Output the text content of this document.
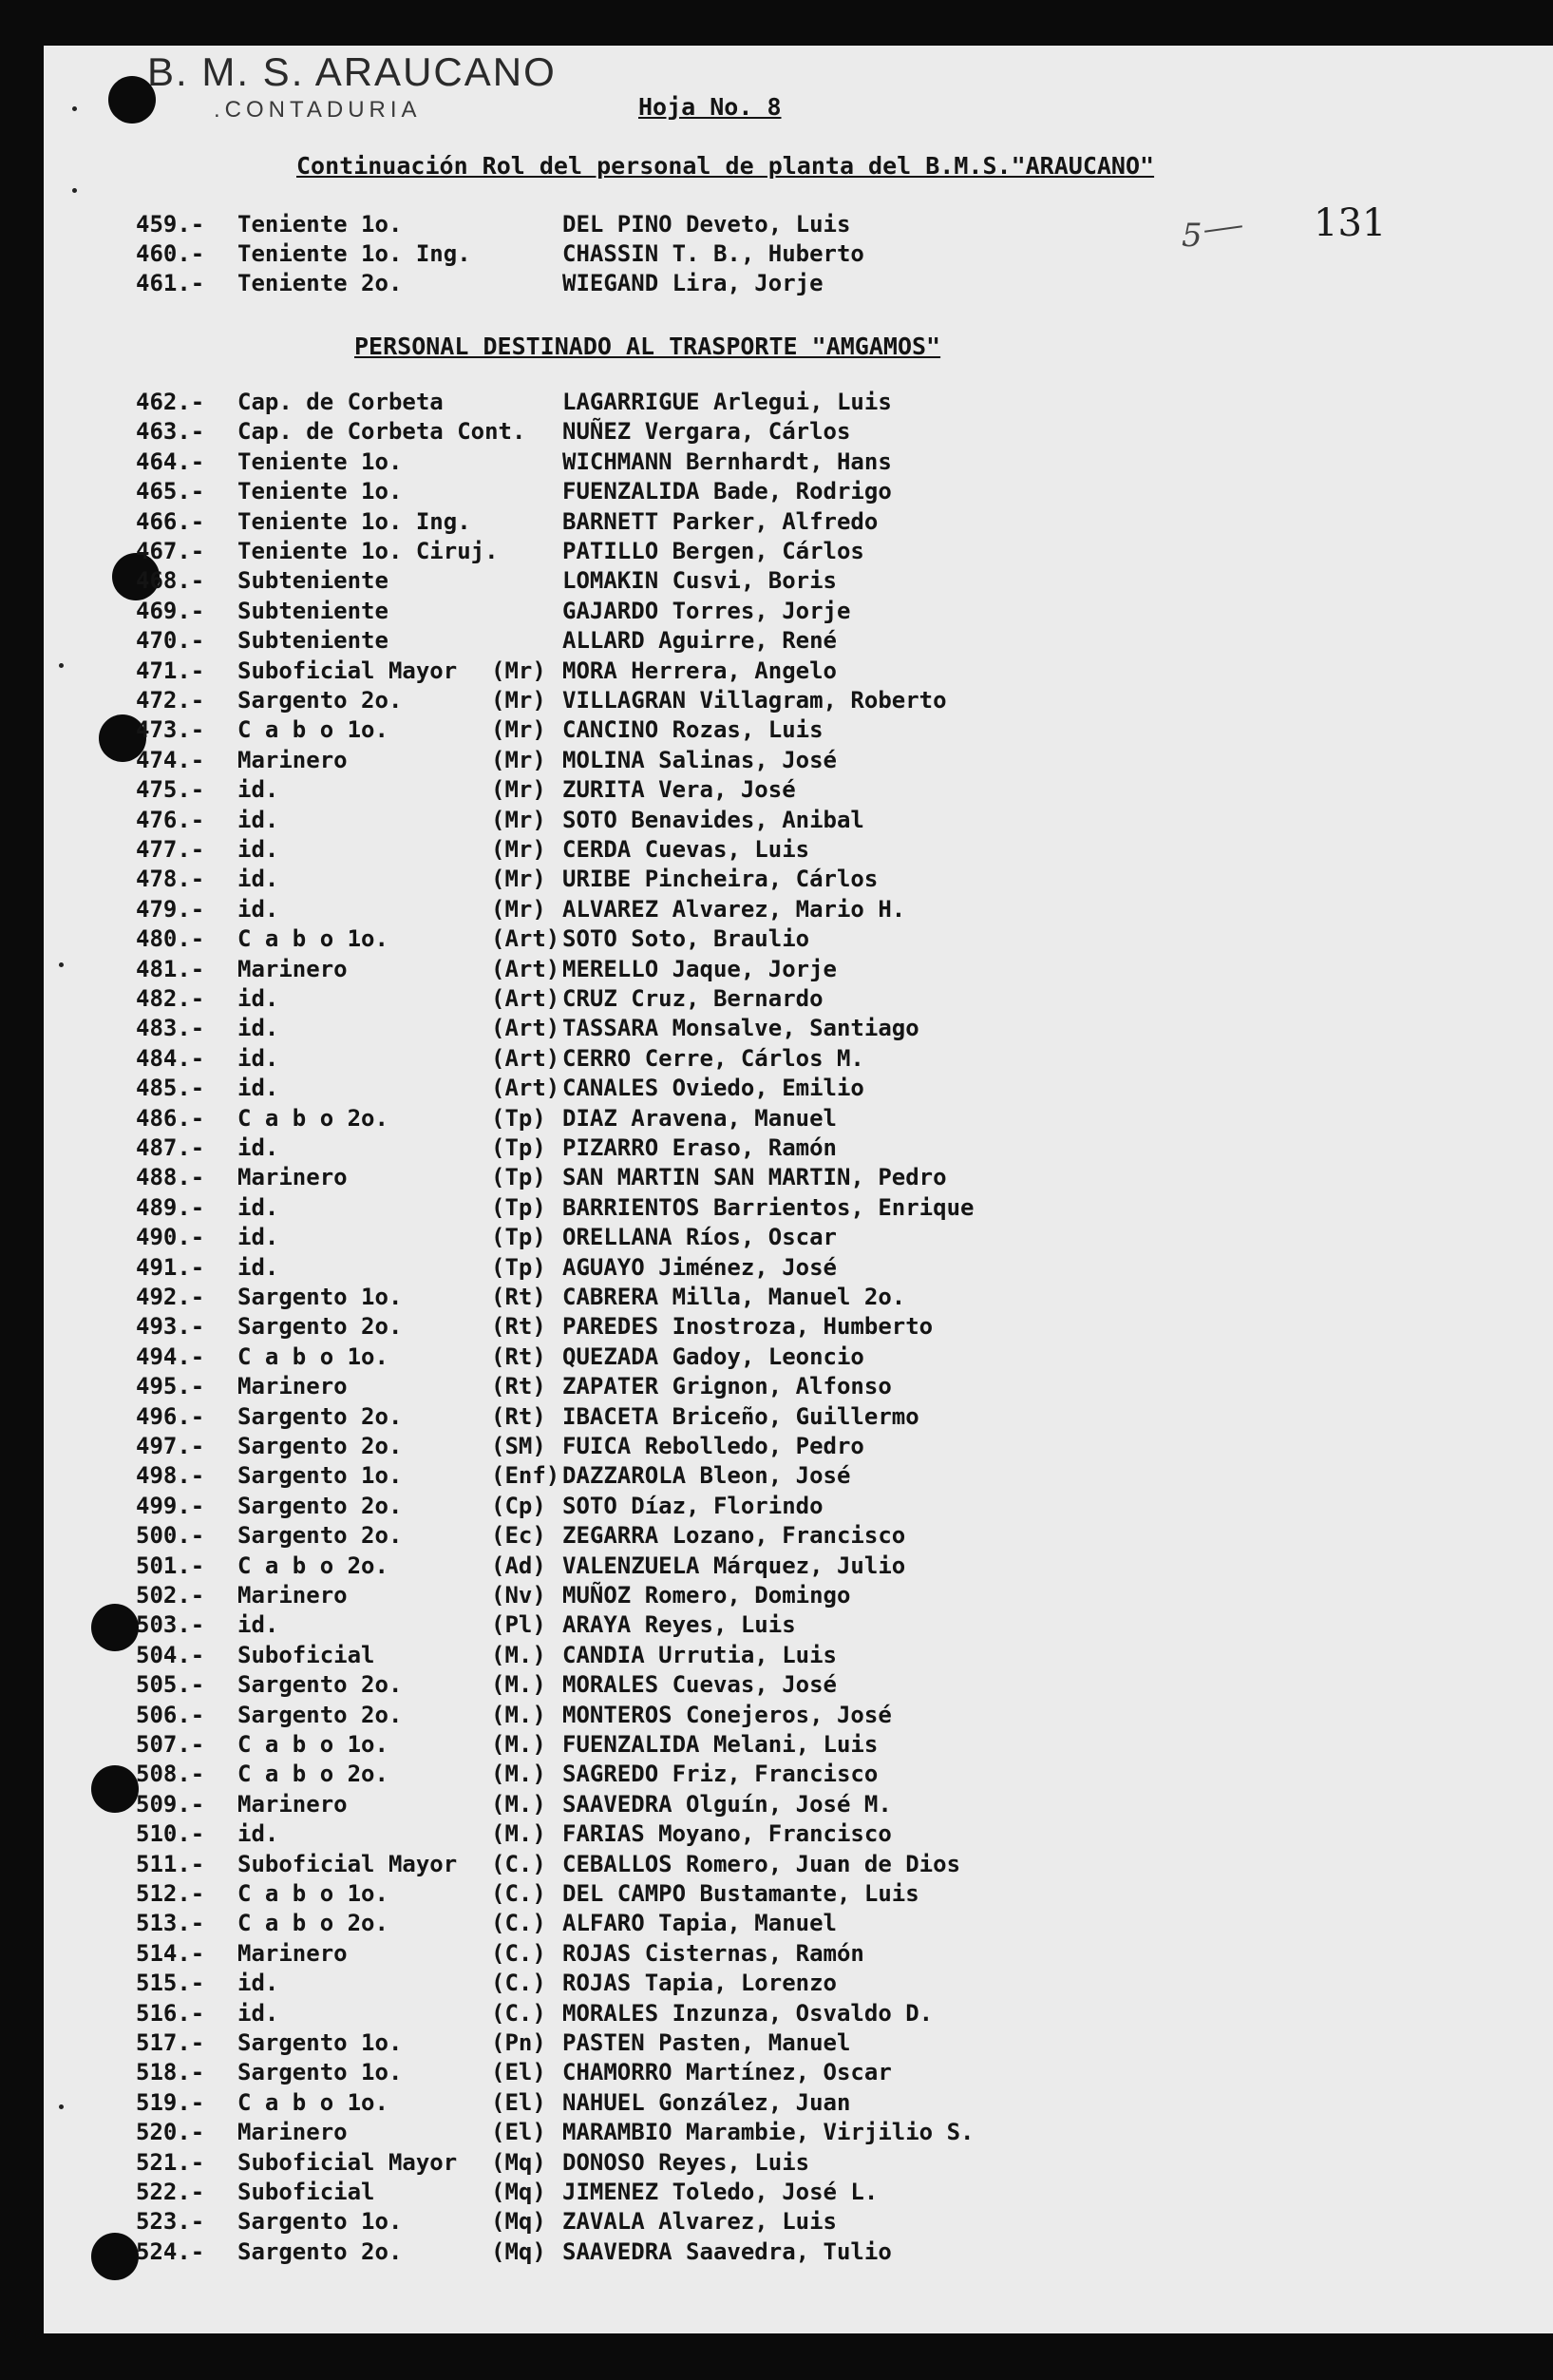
B. M. S. ARAUCANO
.CONTADURIA	Hoja No. 8
Continuación Rol del personal de planta del B.M.S."ARAUCANO"
5	131
459.- Teniente 1o.	DEL PINO Deveto, Luis
460.- Teniente 1o. Ing.	CHASSIN T. B., Huberto
461.- Teniente 2o.	WIEGAND Lira, Jorje
PERSONAL DESTINADO AL TRASPORTE "AMGAMOS"
462.- Cap. de Corbeta	LAGARRIGUE Arlegui, Luis
463.- Cap. de Corbeta Cont. NUÑEZ Vergara, Cárlos
464.- Teniente 1o.	WICHMANN Bernhardt, Hans
465.- Teniente 1o.	FUENZALIDA Bade, Rodrigo
466.- Teniente 1o. Ing.	BARNETT Parker, Alfredo
467.- Teniente 1o. Ciruj.	PATILLO Bergen, Cárlos
468.- Subteniente	LOMAKIN Cusvi, Boris
469.- Subteniente	GAJARDO Torres, Jorje
470.- Subteniente	ALLARD Aguirre, René
471.- Suboficial Mayor (Mr) MORA Herrera, Angelo
472.- Sargento 2o.	(Mr) VILLAGRAN Villagram, Roberto
473.- C a b o 1o.	(Mr) CANCINO Rozas, Luis
474.- Marinero	(Mr) MOLINA Salinas, José
475.- id.	(Mr) ZURITA Vera, José
476.- id.	(Mr) SOTO Benavides, Anibal
477.- id.	(Mr) CERDA Cuevas, Luis
478.- id.	(Mr) URIBE Pincheira, Cárlos
479.- id.	(Mr) ALVAREZ Alvarez, Mario H.
480.- C a b o 1o.	(Art) SOTO Soto, Braulio
481.- Marinero	(Art) MERELLO Jaque, Jorje
482.- id.	(Art) CRUZ Cruz, Bernardo
483.- id.	(Art) TASSARA Monsalve, Santiago
484.- id.	(Art) CERRO Cerre, Cárlos M.
485.- id.	(Art) CANALES Oviedo, Emilio
486.- C a b o 2o.	(Tp) DIAZ Aravena, Manuel
487.- id.	(Tp) PIZARRO Eraso, Ramón
488.- Marinero	(Tp) SAN MARTIN SAN MARTIN, Pedro
489.- id.	(Tp) BARRIENTOS Barrientos, Enrique
490.- id.	(Tp) ORELLANA Ríos, Oscar
491.- id.	(Tp) AGUAYO Jiménez, José
492.- Sargento 1o.	(Rt) CABRERA Milla, Manuel 2o.
493.- Sargento 2o.	(Rt) PAREDES Inostroza, Humberto
494.- C a b o 1o.	(Rt) QUEZADA Gadoy, Leoncio
495.- Marinero	(Rt) ZAPATER Grignon, Alfonso
496.- Sargento 2o.	(Rt) IBACETA Briceño, Guillermo
497.- Sargento 2o.	(SM) FUICA Rebolledo, Pedro
498.- Sargento 1o.	(Enf) DAZZAROLA Bleon, José
499.- Sargento 2o.	(Cp) SOTO Díaz, Florindo
500.- Sargento 2o.	(Ec) ZEGARRA Lozano, Francisco
501.- C a b o 2o.	(Ad) VALENZUELA Márquez, Julio
502.- Marinero	(Nv) MUÑOZ Romero, Domingo
503.- id.	(Pl) ARAYA Reyes, Luis
504.- Suboficial	(M.) CANDIA Urrutia, Luis
505.- Sargento 2o.	(M.) MORALES Cuevas, José
506.- Sargento 2o.	(M.) MONTEROS Conejeros, José
507.- C a b o 1o.	(M.) FUENZALIDA Melani, Luis
508.- C a b o 2o.	(M.) SAGREDO Friz, Francisco
509.- Marinero	(M.) SAAVEDRA Olguín, José M.
510.- id.	(M.) FARIAS Moyano, Francisco
511.- Suboficial Mayor (C.) CEBALLOS Romero, Juan de Dios
512.- C a b o 1o.	(C.) DEL CAMPO Bustamante, Luis
513.- C a b o 2o.	(C.) ALFARO Tapia, Manuel
514.- Marinero	(C.) ROJAS Cisternas, Ramón
515.- id.	(C.) ROJAS Tapia, Lorenzo
516.- id.	(C.) MORALES Inzunza, Osvaldo D.
517.- Sargento 1o.	(Pn) PASTEN Pasten, Manuel
518.- Sargento 1o.	(El) CHAMORRO Martínez, Oscar
519.- C a b o 1o.	(El) NAHUEL González, Juan
520.- Marinero	(El) MARAMBIO Marambie, Virjilio S.
521.- Suboficial Mayor (Mq) DONOSO Reyes, Luis
522.- Suboficial	(Mq) JIMENEZ Toledo, José L.
523.- Sargento 1o.	(Mq) ZAVALA Alvarez, Luis
524.- Sargento 2o.	(Mq) SAAVEDRA Saavedra, Tulio
